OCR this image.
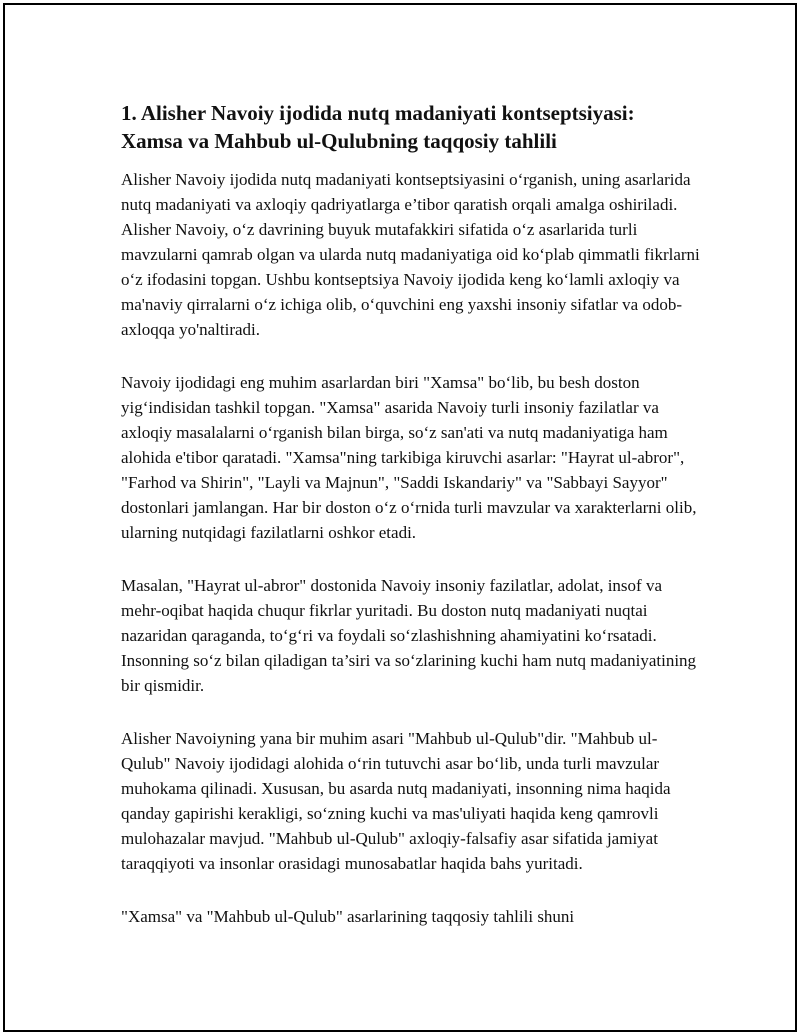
1. Alisher Navoiy ijodida nutq madaniyati kontseptsiyasi:
Xamsa va Mahbub ul-Qulubning taqqosiy tahlili

Alisher Navoiy ijodida nutq madaniyati kontseptsiyasini o‘rganish, uning asarlarida nutq madaniyati va axloqiy qadriyatlarga e’tibor qaratish orqali amalga oshiriladi. Alisher Navoiy, o‘z davrining buyuk mutafakkiri sifatida o‘z asarlarida turli mavzularni qamrab olgan va ularda nutq madaniyatiga oid ko‘plab qimmatli fikrlarni o‘z ifodasini topgan. Ushbu kontseptsiya Navoiy ijodida keng ko‘lamli axloqiy va ma'naviy qirralarni o‘z ichiga olib, o‘quvchini eng yaxshi insoniy sifatlar va odob-axloqqa yo'naltiradi.

Navoiy ijodidagi eng muhim asarlardan biri "Xamsa" bo‘lib, bu besh doston yig‘indisidan tashkil topgan. "Xamsa" asarida Navoiy turli insoniy fazilatlar va axloqiy masalalarni o‘rganish bilan birga, so‘z san'ati va nutq madaniyatiga ham alohida e'tibor qaratadi. "Xamsa"ning tarkibiga kiruvchi asarlar: "Hayrat ul-abror", "Farhod va Shirin", "Layli va Majnun", "Saddi Iskandariy" va "Sabbayi Sayyor" dostonlari jamlangan. Har bir doston o‘z o‘rnida turli mavzular va xarakterlarni olib, ularning nutqidagi fazilatlarni oshkor etadi.

Masalan, "Hayrat ul-abror" dostonida Navoiy insoniy fazilatlar, adolat, insof va mehr-oqibat haqida chuqur fikrlar yuritadi. Bu doston nutq madaniyati nuqtai nazaridan qaraganda, to‘g‘ri va foydali so‘zlashishning ahamiyatini ko‘rsatadi. Insonning so‘z bilan qiladigan ta’siri va so‘zlarining kuchi ham nutq madaniyatining bir qismidir.

Alisher Navoiyning yana bir muhim asari "Mahbub ul-Qulub"dir. "Mahbub ul-Qulub" Navoiy ijodidagi alohida o‘rin tutuvchi asar bo‘lib, unda turli mavzular muhokama qilinadi. Xususan, bu asarda nutq madaniyati, insonning nima haqida qanday gapirishi kerakligi, so‘zning kuchi va mas'uliyati haqida keng qamrovli mulohazalar mavjud. "Mahbub ul-Qulub" axloqiy-falsafiy asar sifatida jamiyat taraqqiyoti va insonlar orasidagi munosabatlar haqida bahs yuritadi.

"Xamsa" va "Mahbub ul-Qulub" asarlarining taqqosiy tahlili shuni
